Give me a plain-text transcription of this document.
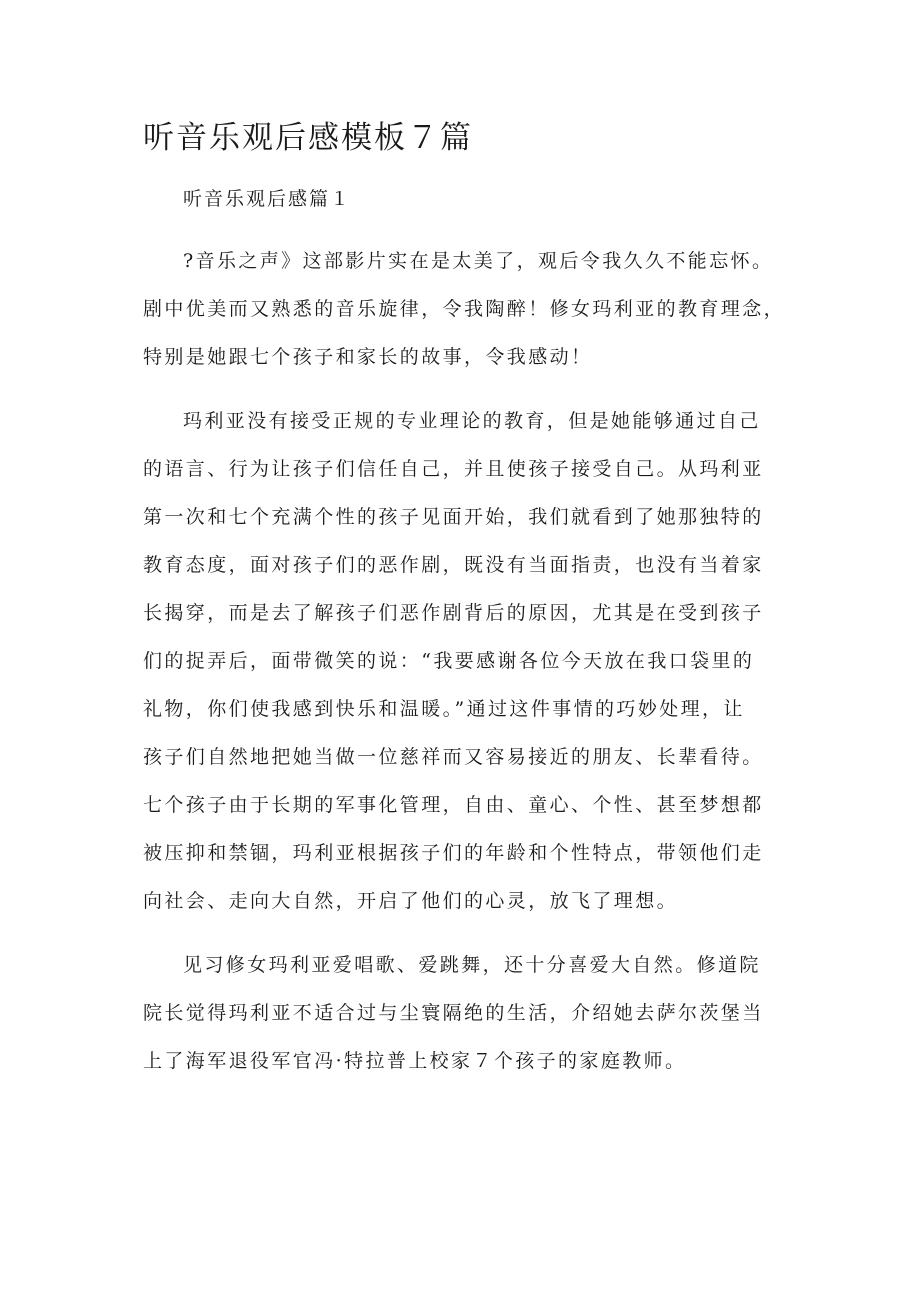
听音乐观后感模板７篇
听音乐观后感篇１

?音乐之声》这部影片实在是太美了，观后令我久久不能忘怀。

剧中优美而又熟悉的音乐旋律，令我陶醉！修女玛利亚的教育理念，

特别是她跟七个孩子和家长的故事，令我感动！

玛利亚没有接受正规的专业理论的教育，但是她能够通过自己

的语言、行为让孩子们信任自己，并且使孩子接受自己。从玛利亚

第一次和七个充满个性的孩子见面开始，我们就看到了她那独特的

教育态度，面对孩子们的恶作剧，既没有当面指责，也没有当着家

长揭穿，而是去了解孩子们恶作剧背后的原因，尤其是在受到孩子

们的捉弄后，面带微笑的说：“我要感谢各位今天放在我口袋里的

礼物，你们使我感到快乐和温暖。”通过这件事情的巧妙处理，让

孩子们自然地把她当做一位慈祥而又容易接近的朋友、长辈看待。

七个孩子由于长期的军事化管理，自由、童心、个性、甚至梦想都

被压抑和禁锢，玛利亚根据孩子们的年龄和个性特点，带领他们走

向社会、走向大自然，开启了他们的心灵，放飞了理想。

见习修女玛利亚爱唱歌、爱跳舞，还十分喜爱大自然。修道院

院长觉得玛利亚不适合过与尘寰隔绝的生活，介绍她去萨尔茨堡当

上了海军退役军官冯·特拉普上校家７个孩子的家庭教师。
